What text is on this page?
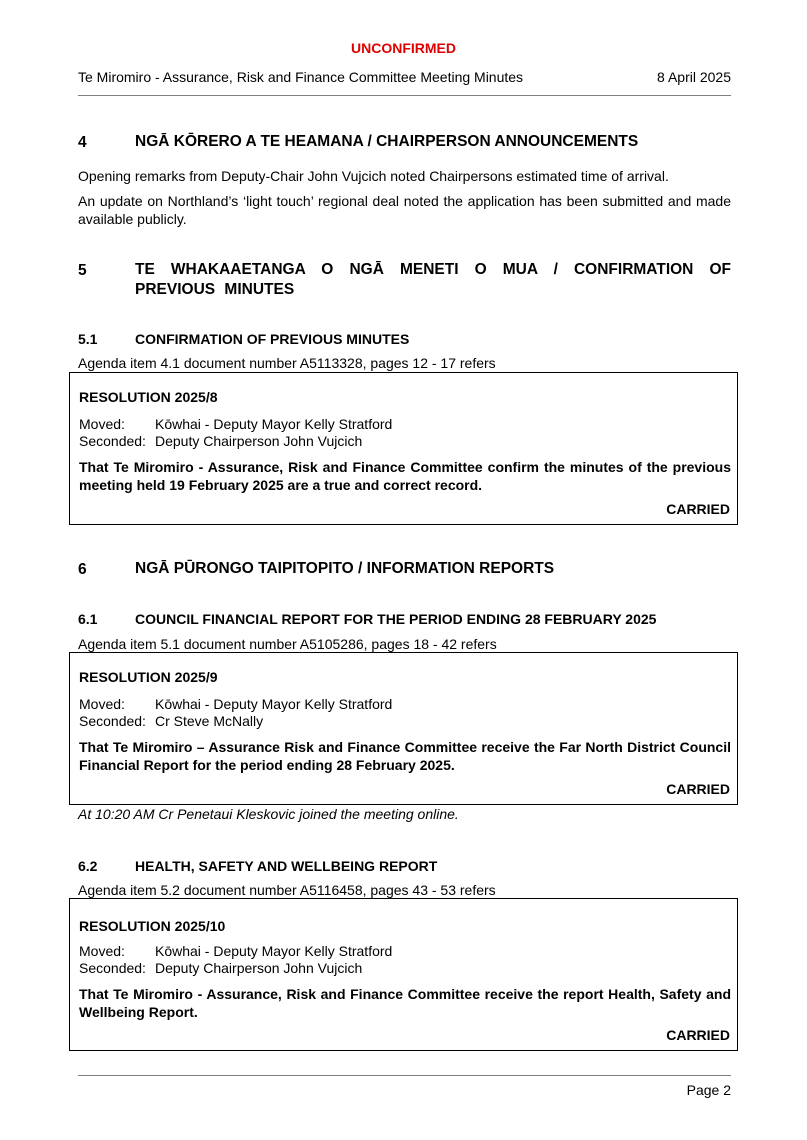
UNCONFIRMED
Te Miromiro - Assurance, Risk and Finance Committee Meeting Minutes	8 April 2025
4	NGĀ KŌRERO A TE HEAMANA / CHAIRPERSON ANNOUNCEMENTS
Opening remarks from Deputy-Chair John Vujcich noted Chairpersons estimated time of arrival.
An update on Northland’s ‘light touch’ regional deal noted the application has been submitted and made available publicly.
5	TE WHAKAAETANGA O NGĀ MENETI O MUA / CONFIRMATION OF PREVIOUS MINUTES
5.1	CONFIRMATION OF PREVIOUS MINUTES
Agenda item 4.1 document number A5113328, pages 12 - 17 refers
RESOLUTION 2025/8
Moved: Kōwhai - Deputy Mayor Kelly Stratford
Seconded: Deputy Chairperson John Vujcich
That Te Miromiro - Assurance, Risk and Finance Committee confirm the minutes of the previous meeting held 19 February 2025 are a true and correct record.
CARRIED
6	NGĀ PŪRONGO TAIPITOPITO / INFORMATION REPORTS
6.1	COUNCIL FINANCIAL REPORT FOR THE PERIOD ENDING 28 FEBRUARY 2025
Agenda item 5.1 document number A5105286, pages 18 - 42 refers
RESOLUTION 2025/9
Moved: Kōwhai - Deputy Mayor Kelly Stratford
Seconded: Cr Steve McNally
That Te Miromiro – Assurance Risk and Finance Committee receive the Far North District Council Financial Report for the period ending 28 February 2025.
CARRIED
At 10:20 AM Cr Penetaui Kleskovic joined the meeting online.
6.2	HEALTH, SAFETY AND WELLBEING REPORT
Agenda item 5.2 document number A5116458, pages 43 - 53 refers
RESOLUTION 2025/10
Moved: Kōwhai - Deputy Mayor Kelly Stratford
Seconded: Deputy Chairperson John Vujcich
That Te Miromiro - Assurance, Risk and Finance Committee receive the report Health, Safety and Wellbeing Report.
CARRIED
Page 2
